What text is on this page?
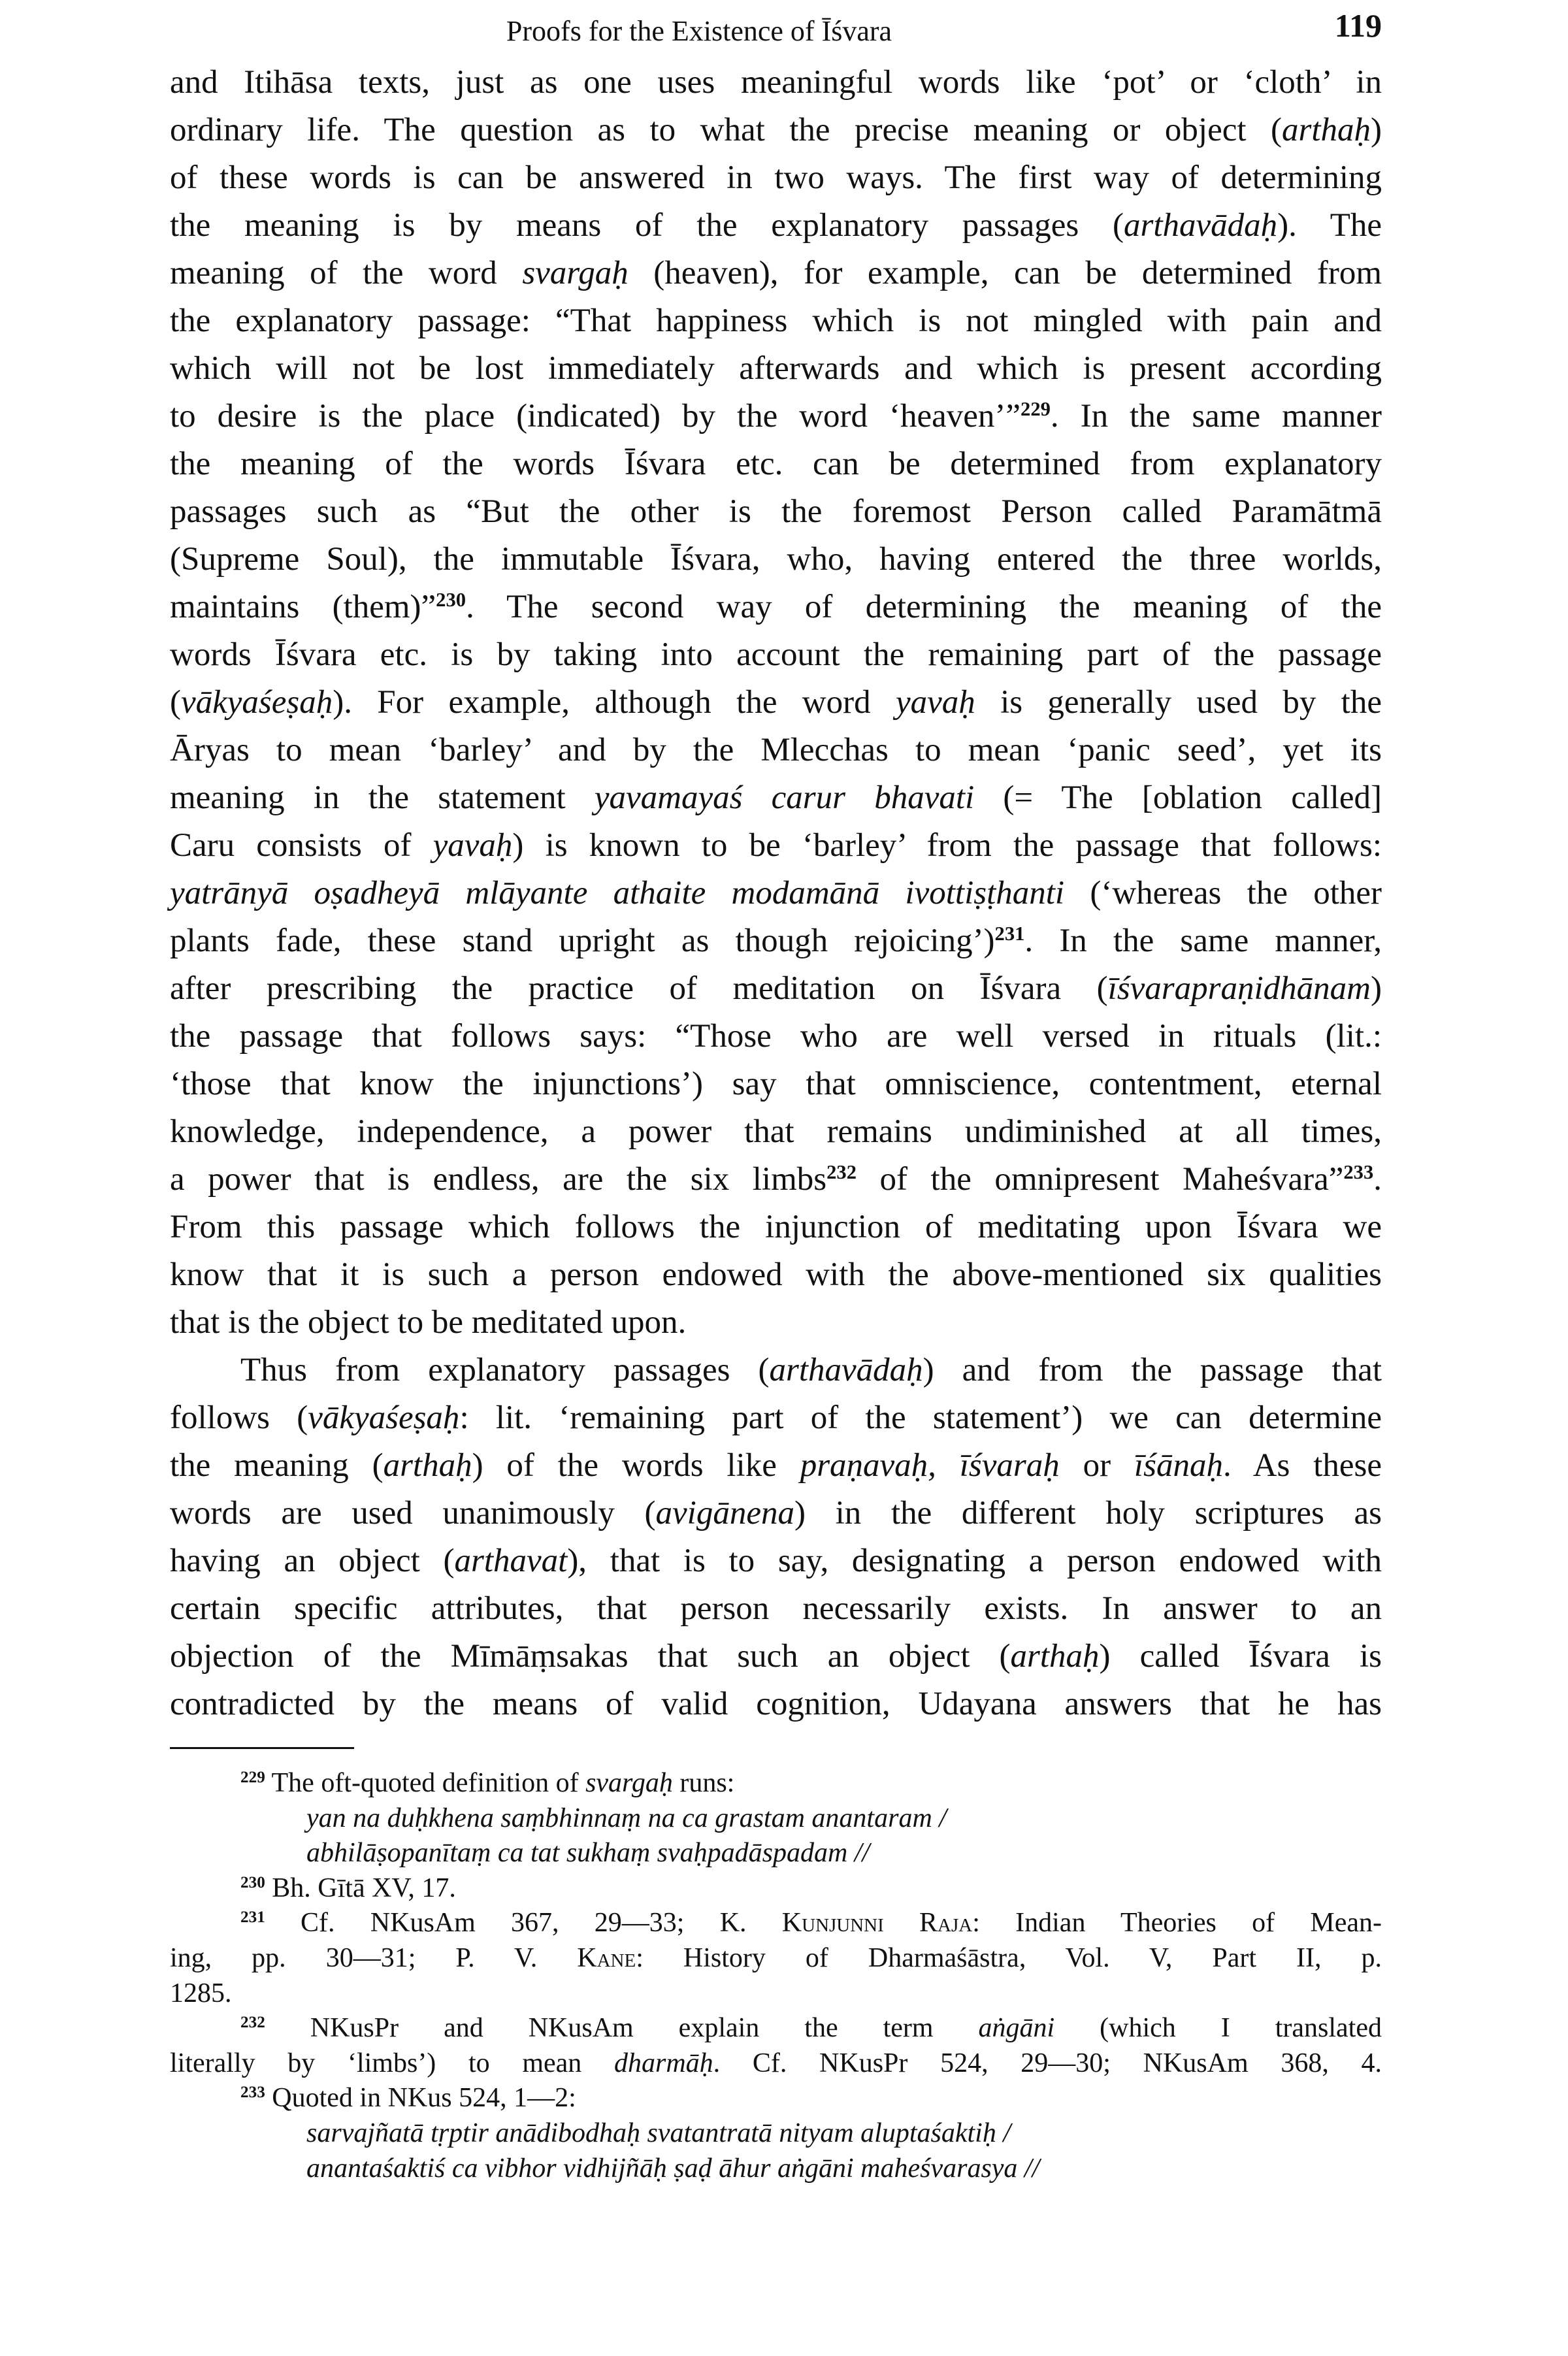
Proofs for the Existence of Īśvara	119
and Itihāsa texts, just as one uses meaningful words like ‘pot’ or ‘cloth’ in
ordinary life. The question as to what the precise meaning or object (arthaḥ)
of these words is can be answered in two ways. The first way of determining
the meaning is by means of the explanatory passages (arthavādaḥ). The
meaning of the word svargaḥ (heaven), for example, can be determined from
the explanatory passage: “That happiness which is not mingled with pain and
which will not be lost immediately afterwards and which is present according
to desire is the place (indicated) by the word ‘heaven’”$^{229}$. In the same manner
the meaning of the words Īśvara etc. can be determined from explanatory
passages such as “But the other is the foremost Person called Paramātmā
(Supreme Soul), the immutable Īśvara, who, having entered the three worlds,
maintains (them)”$^{230}$. The second way of determining the meaning of the
words Īśvara etc. is by taking into account the remaining part of the passage
(vākyaśeṣaḥ). For example, although the word yavaḥ is generally used by the
Āryas to mean ‘barley’ and by the Mlecchas to mean ‘panic seed’, yet its
meaning in the statement yavamayaś carur bhavati (= The [oblation called]
Caru consists of yavaḥ) is known to be ‘barley’ from the passage that follows:
yatrānyā oṣadheyā mlāyante athaite modamānā ivottiṣṭhanti (‘whereas the other
plants fade, these stand upright as though rejoicing’)$^{231}$. In the same manner,
after prescribing the practice of meditation on Īśvara (īśvarapraṇidhānam)
the passage that follows says: “Those who are well versed in rituals (lit.:
‘those that know the injunctions’) say that omniscience, contentment, eternal
knowledge, independence, a power that remains undiminished at all times,
a power that is endless, are the six limbs$^{232}$ of the omnipresent Maheśvara”$^{233}$.
From this passage which follows the injunction of meditating upon Īśvara we
know that it is such a person endowed with the above-mentioned six qualities
that is the object to be meditated upon.
Thus from explanatory passages (arthavādaḥ) and from the passage that
follows (vākyaśeṣaḥ: lit. ‘remaining part of the statement’) we can determine
the meaning (arthaḥ) of the words like praṇavaḥ, īśvaraḥ or īśānaḥ. As these
words are used unanimously (avigānena) in the different holy scriptures as
having an object (arthavat), that is to say, designating a person endowed with
certain specific attributes, that person necessarily exists. In answer to an
objection of the Mīmāṃsakas that such an object (arthaḥ) called Īśvara is
contradicted by the means of valid cognition, Udayana answers that he has
$^{229}$ The oft-quoted definition of svargaḥ runs:
yan na duḥkhena saṃbhinnaṃ na ca grastam anantaram /
abhilāṣopanītaṃ ca tat sukhaṃ svaḥpadāspadam //
$^{230}$ Bh. Gītā XV, 17.
$^{231}$ Cf. NKusAm 367, 29—33; K. Kunjunni Raja: Indian Theories of Mean-
ing, pp. 30—31; P. V. Kane: History of Dharmaśāstra, Vol. V, Part II, p.
1285.
$^{232}$ NKusPr and NKusAm explain the term aṅgāni (which I translated
literally by ‘limbs’) to mean dharmāḥ. Cf. NKusPr 524, 29—30; NKusAm 368, 4.
$^{233}$ Quoted in NKus 524, 1—2:
sarvajñatā tṛptir anādibodhaḥ svatantratā nityam aluptaśaktiḥ /
anantaśaktiś ca vibhor vidhijñāḥ ṣaḍ āhur aṅgāni maheśvarasya //
